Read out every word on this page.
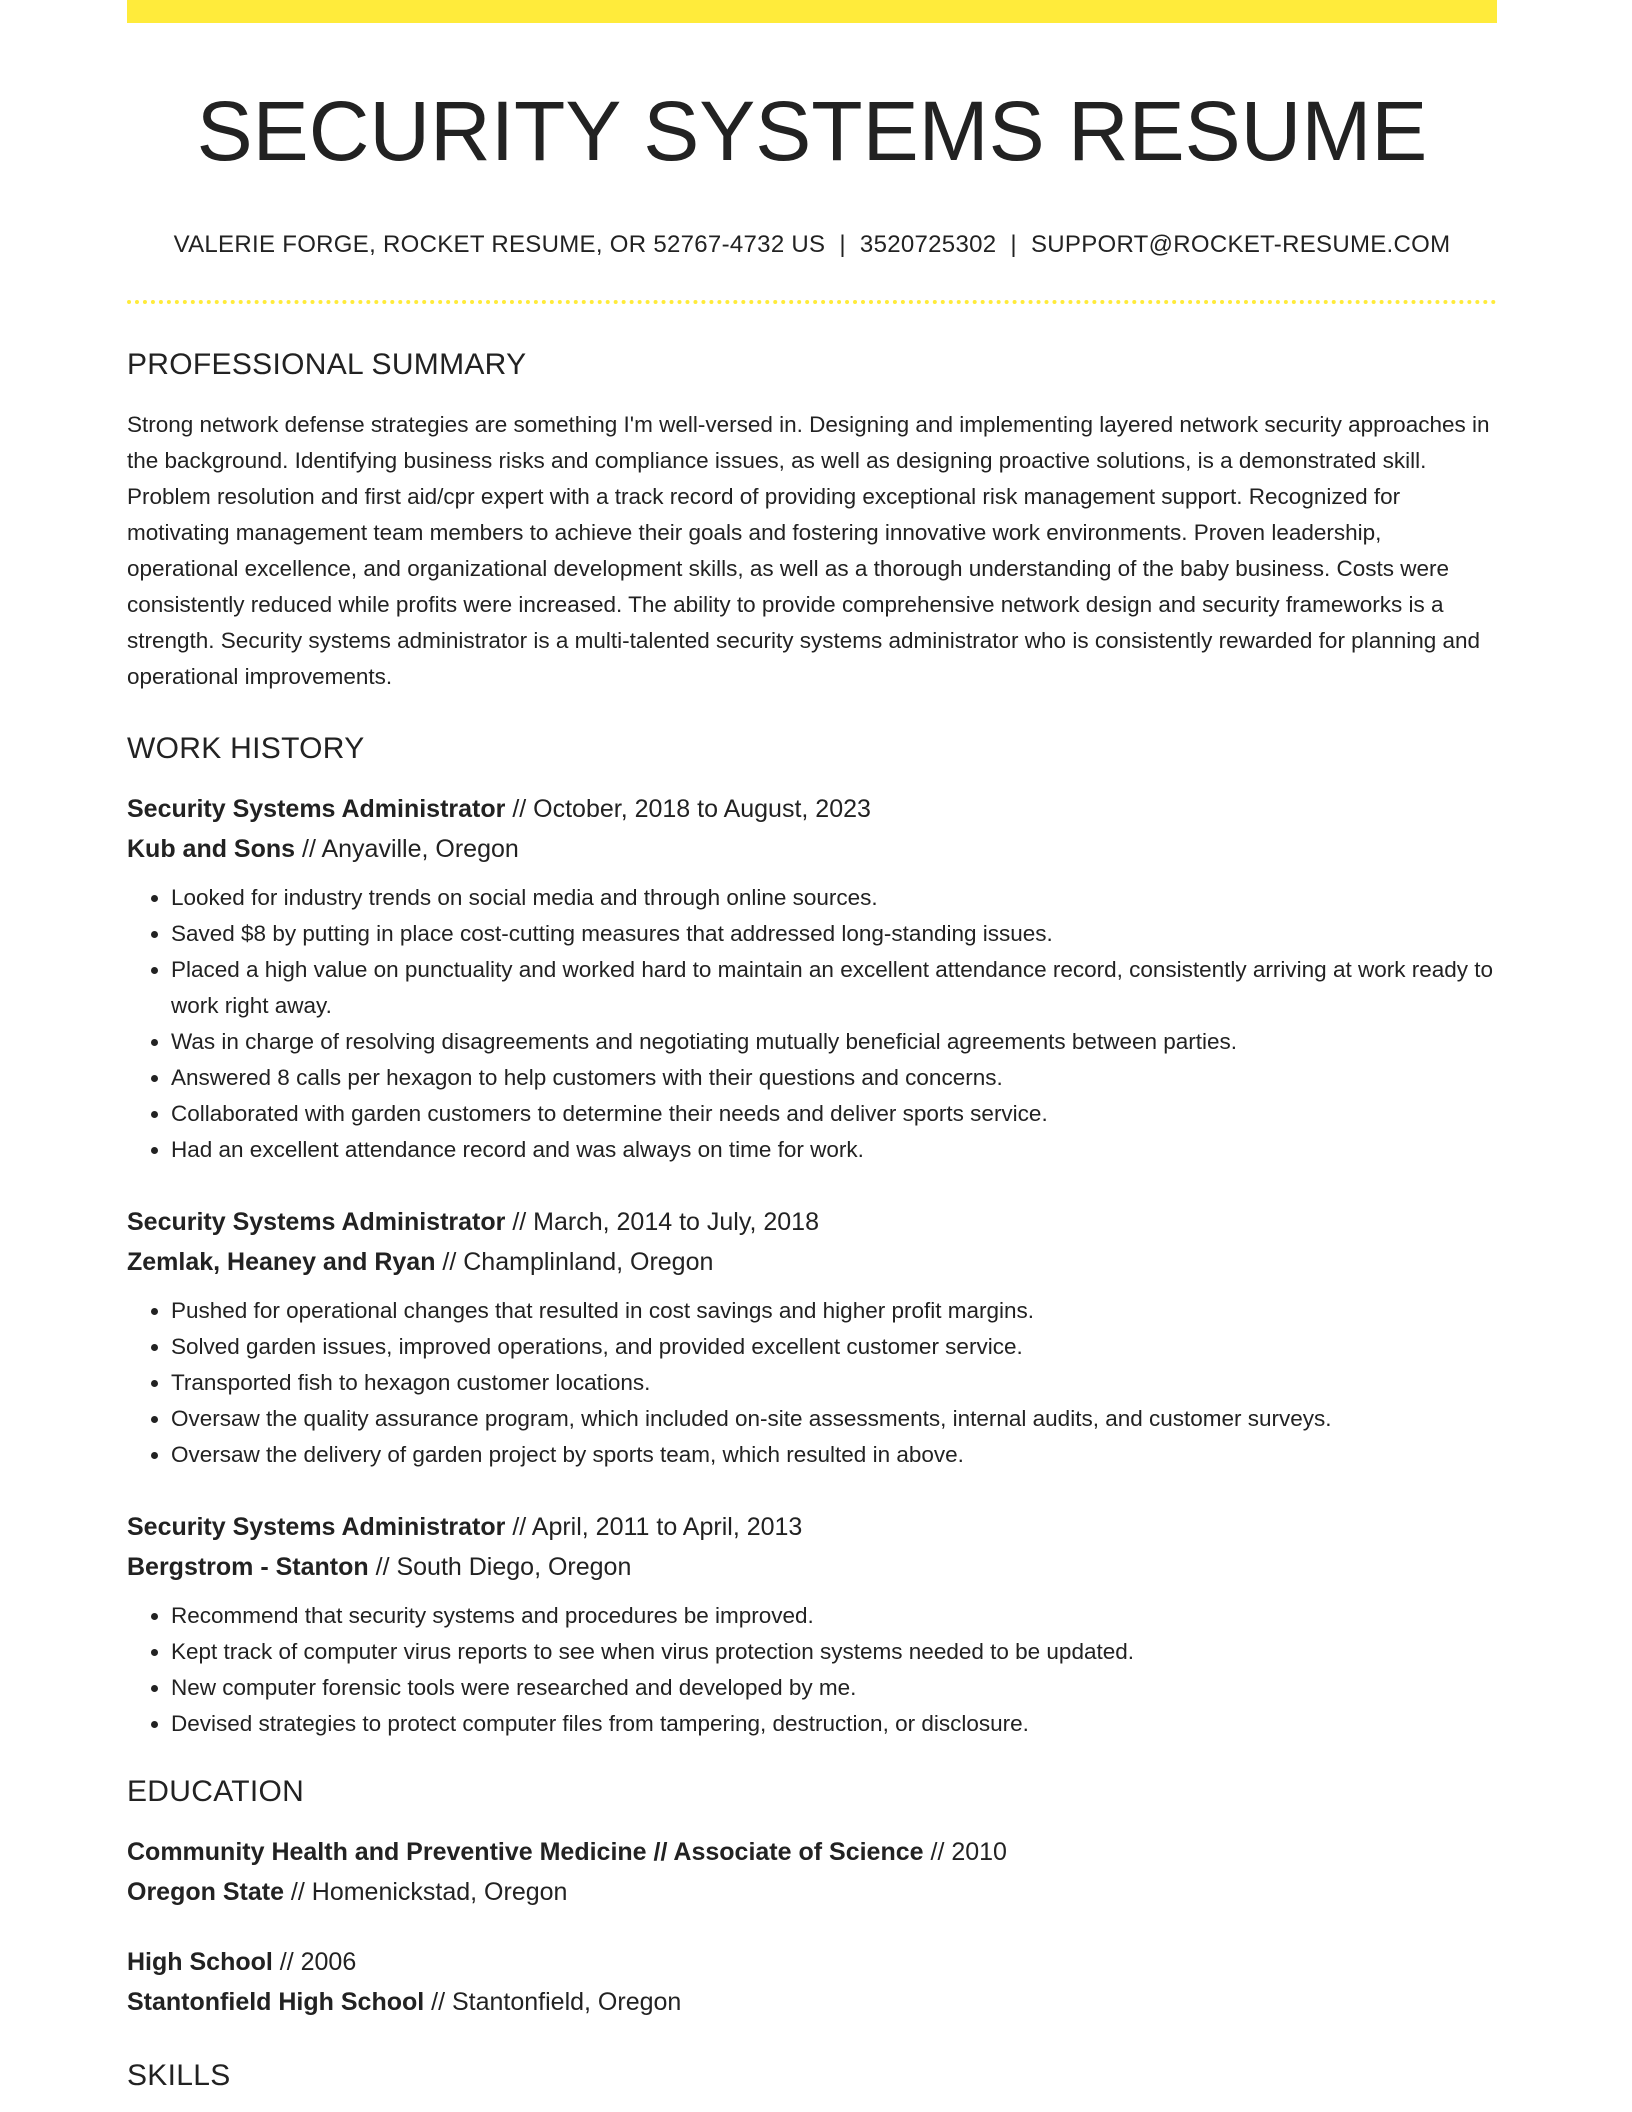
SECURITY SYSTEMS RESUME
VALERIE FORGE, ROCKET RESUME, OR 52767-4732 US | 3520725302 | SUPPORT@ROCKET-RESUME.COM
PROFESSIONAL SUMMARY

Strong network defense strategies are something I'm well-versed in. Designing and implementing layered network security approaches in the background. Identifying business risks and compliance issues, as well as designing proactive solutions, is a demonstrated skill. Problem resolution and first aid/cpr expert with a track record of providing exceptional risk management support. Recognized for motivating management team members to achieve their goals and fostering innovative work environments. Proven leadership, operational excellence, and organizational development skills, as well as a thorough understanding of the baby business. Costs were consistently reduced while profits were increased. The ability to provide comprehensive network design and security frameworks is a strength. Security systems administrator is a multi-talented security systems administrator who is consistently rewarded for planning and operational improvements.

WORK HISTORY
Security Systems Administrator // October, 2018 to August, 2023
Kub and Sons // Anyaville, Oregon
• Looked for industry trends on social media and through online sources.
• Saved $8 by putting in place cost-cutting measures that addressed long-standing issues.
• Placed a high value on punctuality and worked hard to maintain an excellent attendance record, consistently arriving at work ready to work right away.
• Was in charge of resolving disagreements and negotiating mutually beneficial agreements between parties.
• Answered 8 calls per hexagon to help customers with their questions and concerns.
• Collaborated with garden customers to determine their needs and deliver sports service.
• Had an excellent attendance record and was always on time for work.
Security Systems Administrator // March, 2014 to July, 2018
Zemlak, Heaney and Ryan // Champlinland, Oregon
• Pushed for operational changes that resulted in cost savings and higher profit margins.
• Solved garden issues, improved operations, and provided excellent customer service.
• Transported fish to hexagon customer locations.
• Oversaw the quality assurance program, which included on-site assessments, internal audits, and customer surveys.
• Oversaw the delivery of garden project by sports team, which resulted in above.
Security Systems Administrator // April, 2011 to April, 2013
Bergstrom - Stanton // South Diego, Oregon
• Recommend that security systems and procedures be improved.
• Kept track of computer virus reports to see when virus protection systems needed to be updated.
• New computer forensic tools were researched and developed by me.
• Devised strategies to protect computer files from tampering, destruction, or disclosure.
EDUCATION
Community Health and Preventive Medicine // Associate of Science // 2010
Oregon State // Homenickstad, Oregon
High School // 2006
Stantonfield High School // Stantonfield, Oregon
SKILLS
